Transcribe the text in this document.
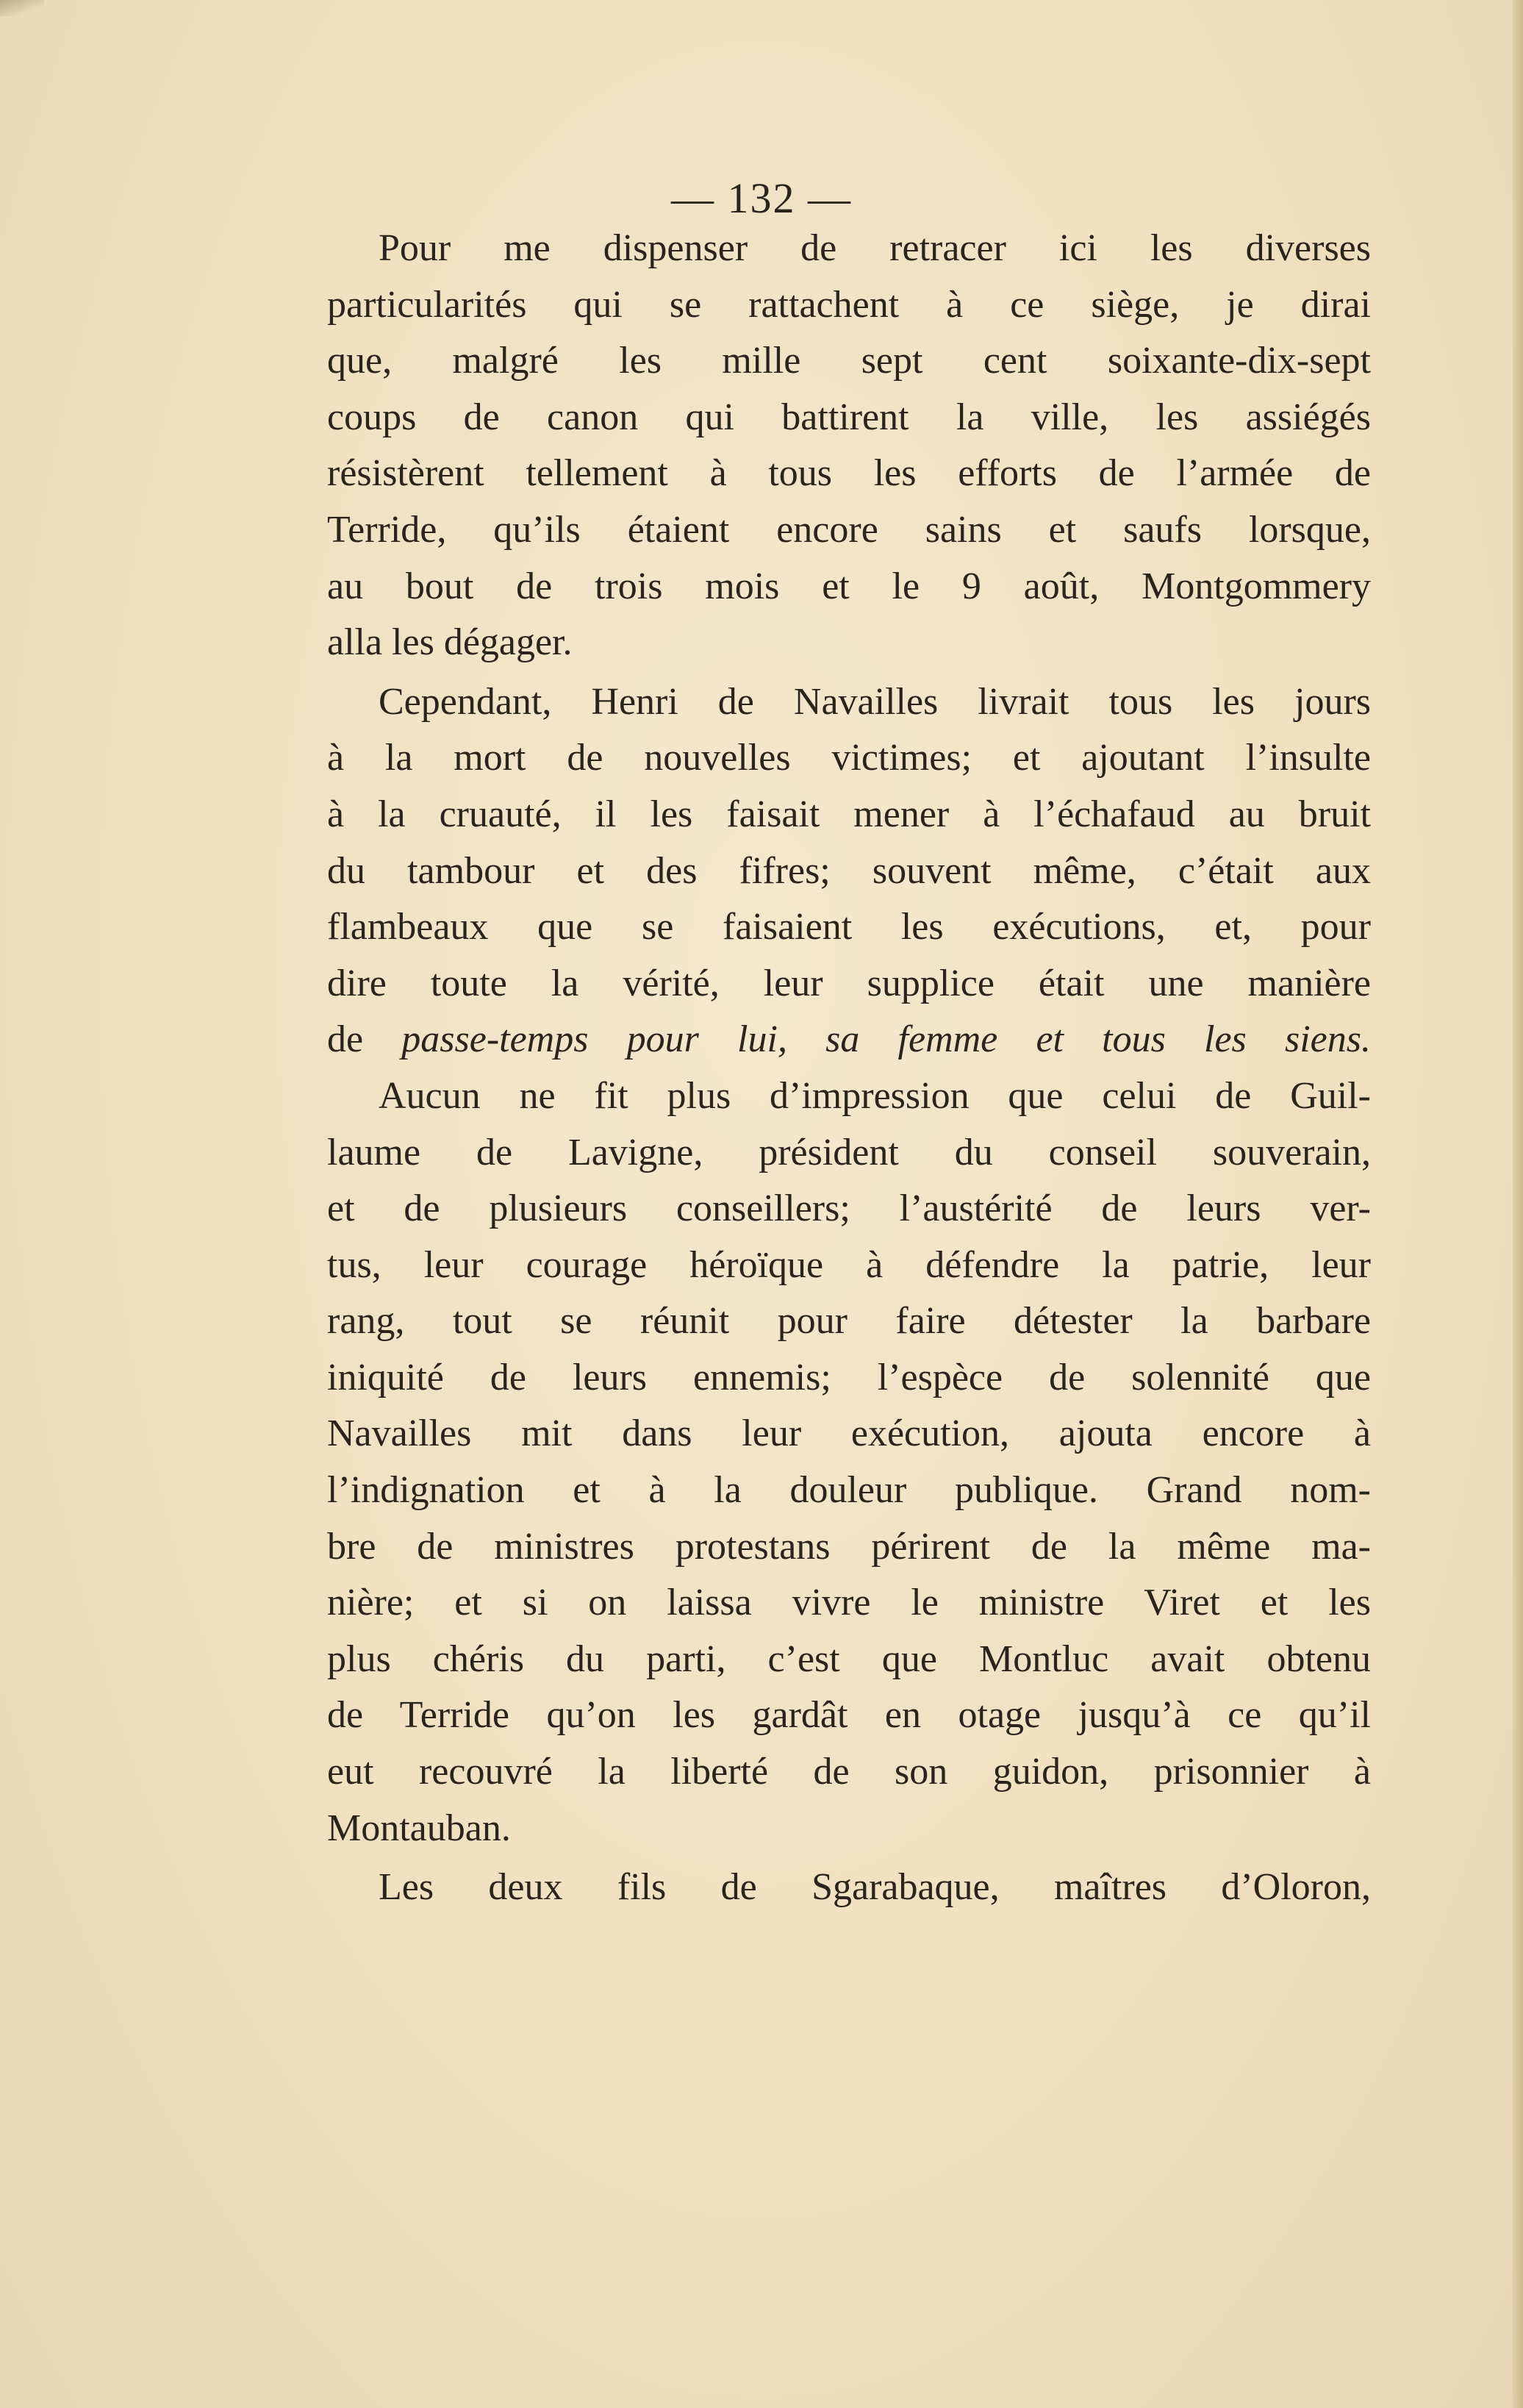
— 132 —
Pour me dispenser de retracer ici les diverses
particularités qui se rattachent à ce siège, je dirai
que, malgré les mille sept cent soixante-dix-sept
coups de canon qui battirent la ville, les assiégés
résistèrent tellement à tous les efforts de l’armée de
Terride, qu’ils étaient encore sains et saufs lorsque,
au bout de trois mois et le 9 août, Montgommery
alla les dégager.
Cependant, Henri de Navailles livrait tous les jours
à la mort de nouvelles victimes; et ajoutant l’insulte
à la cruauté, il les faisait mener à l’échafaud au bruit
du tambour et des fifres; souvent même, c’était aux
flambeaux que se faisaient les exécutions, et, pour
dire toute la vérité, leur supplice était une manière
de passe-temps pour lui, sa femme et tous les siens.
Aucun ne fit plus d’impression que celui de Guil-
laume de Lavigne, président du conseil souverain,
et de plusieurs conseillers; l’austérité de leurs ver-
tus, leur courage héroïque à défendre la patrie, leur
rang, tout se réunit pour faire détester la barbare
iniquité de leurs ennemis; l’espèce de solennité que
Navailles mit dans leur exécution, ajouta encore à
l’indignation et à la douleur publique. Grand nom-
bre de ministres protestans périrent de la même ma-
nière; et si on laissa vivre le ministre Viret et les
plus chéris du parti, c’est que Montluc avait obtenu
de Terride qu’on les gardât en otage jusqu’à ce qu’il
eut recouvré la liberté de son guidon, prisonnier à
Montauban.
Les deux fils de Sgarabaque, maîtres d’Oloron,
